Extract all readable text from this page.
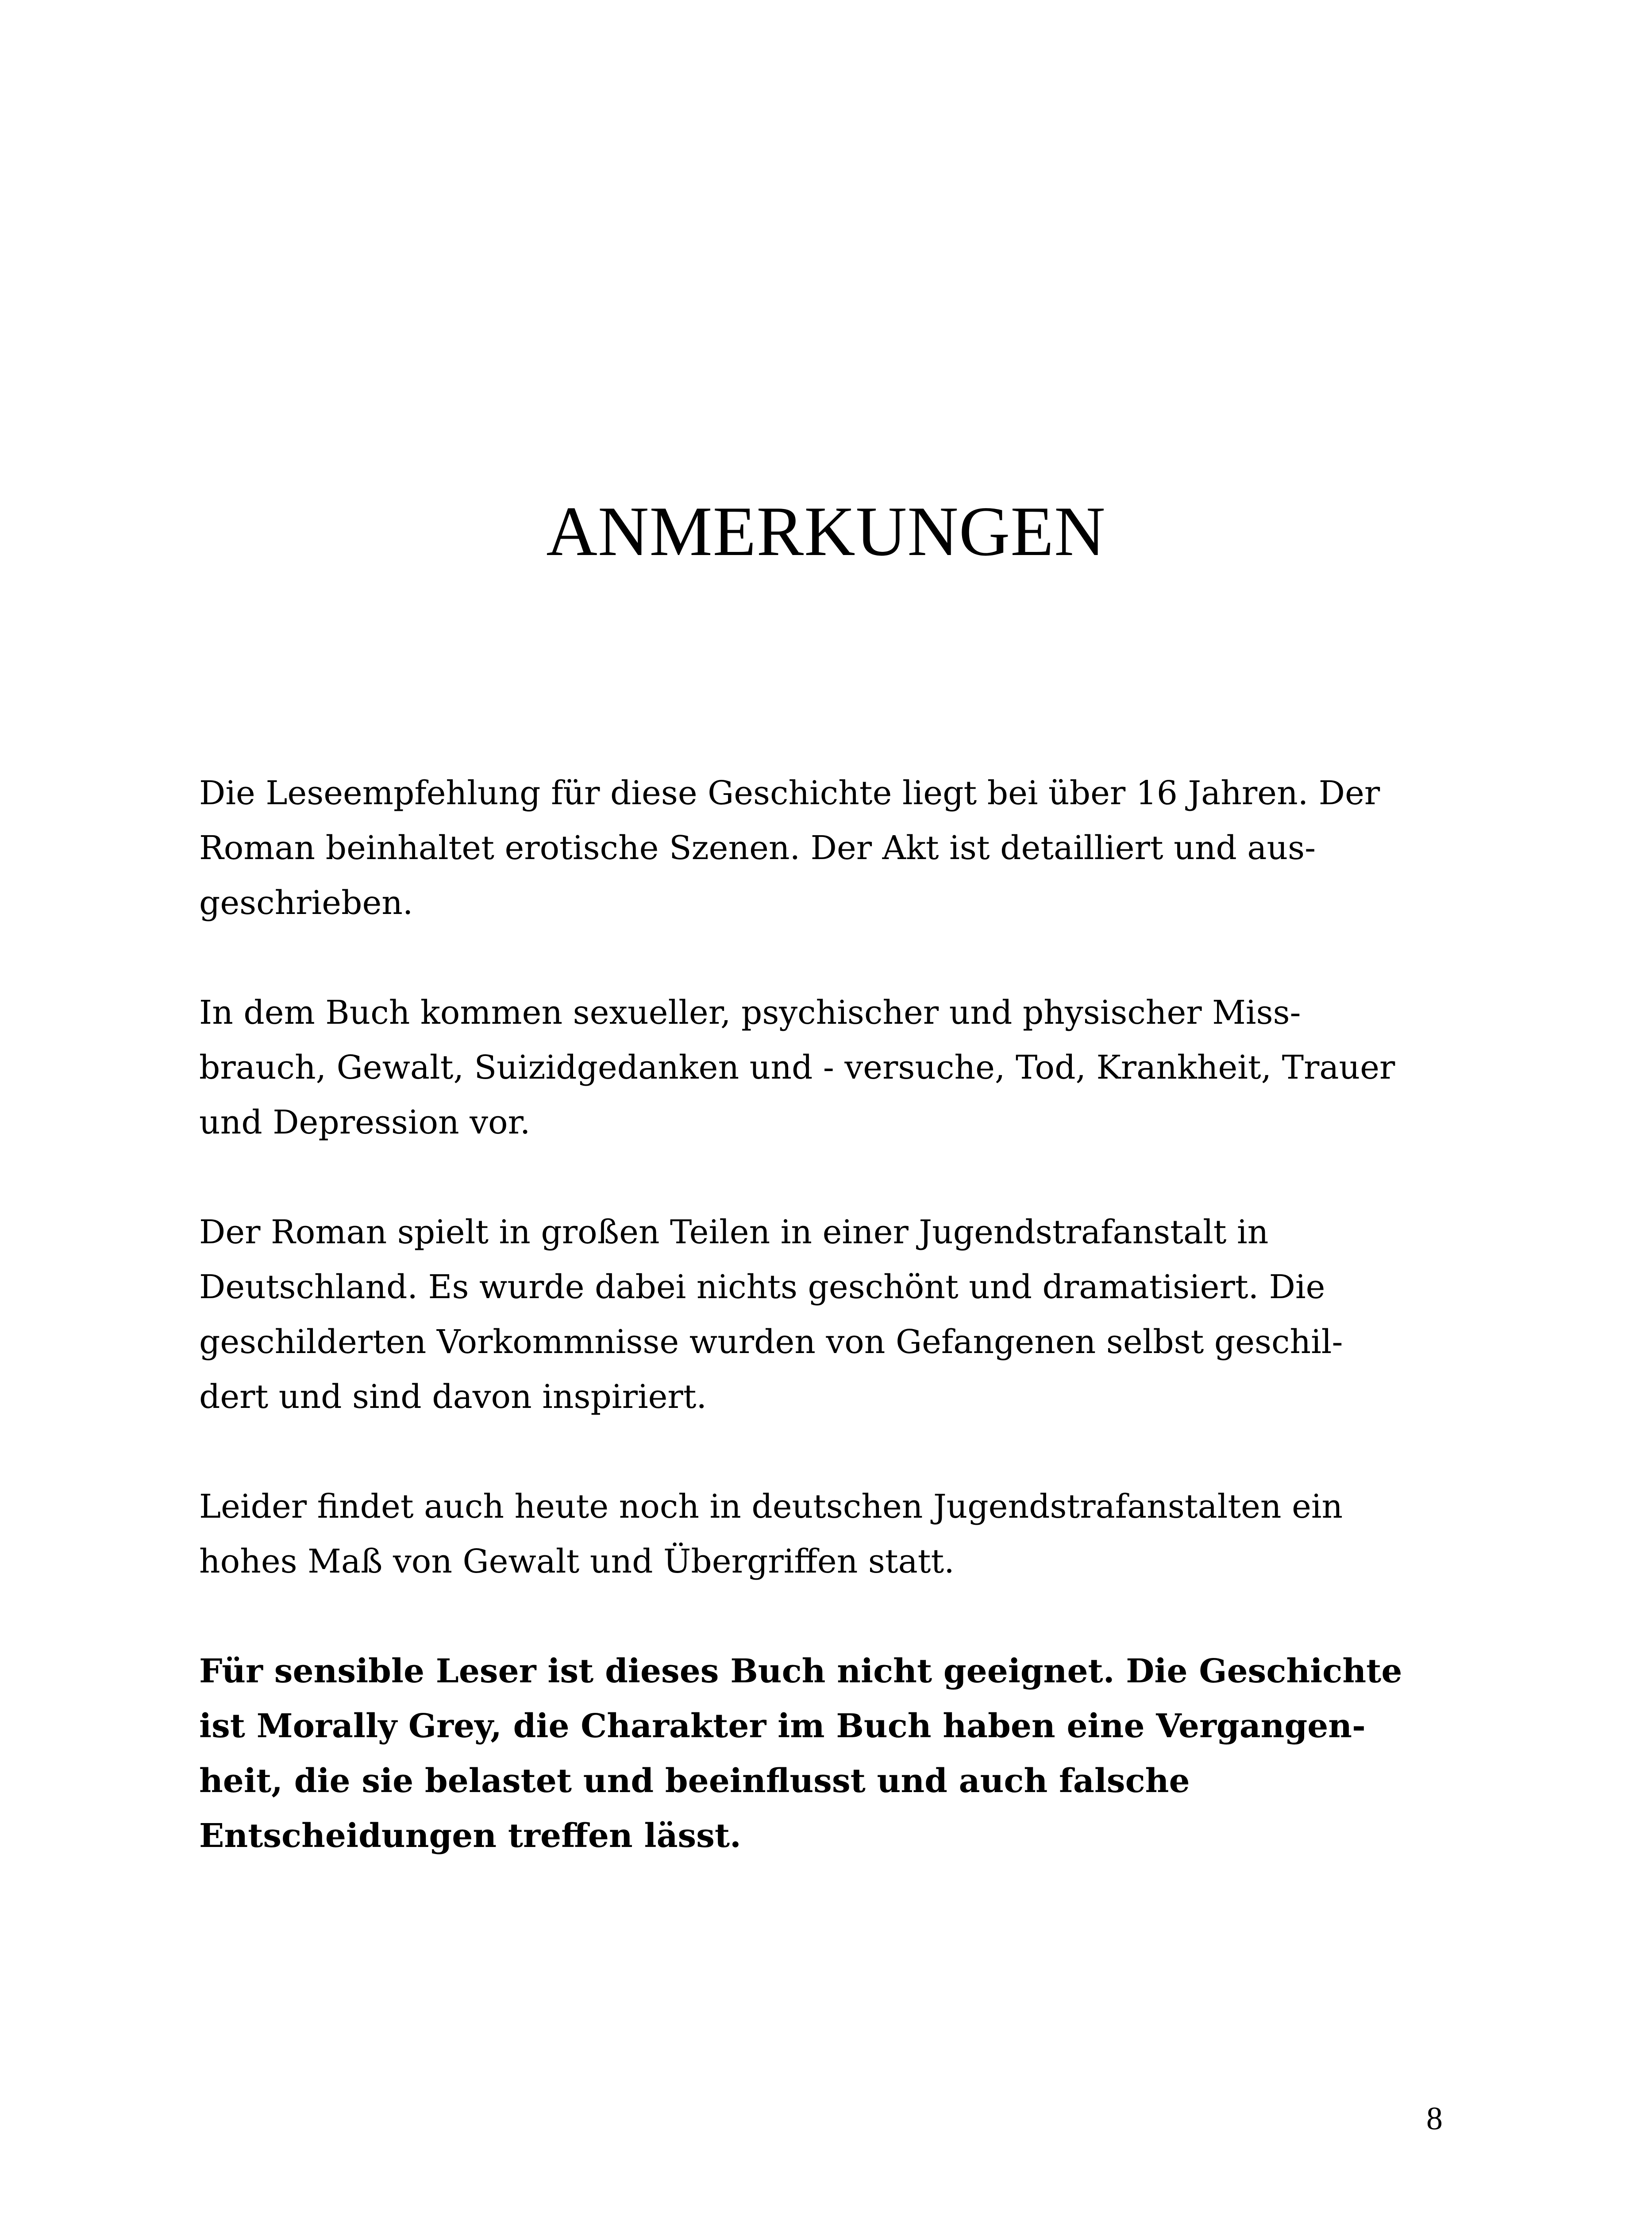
ANMERKUNGEN

Die Leseempfehlung für diese Geschichte liegt bei über 16 Jahren. Der
Roman beinhaltet erotische Szenen. Der Akt ist detailliert und aus-
geschrieben.

In dem Buch kommen sexueller, psychischer und physischer Miss-
brauch, Gewalt, Suizidgedanken und - versuche, Tod, Krankheit, Trauer
und Depression vor.

Der Roman spielt in großen Teilen in einer Jugendstrafanstalt in
Deutschland. Es wurde dabei nichts geschönt und dramatisiert. Die
geschilderten Vorkommnisse wurden von Gefangenen selbst geschil-
dert und sind davon inspiriert.

Leider findet auch heute noch in deutschen Jugendstrafanstalten ein
hohes Maß von Gewalt und Übergriffen statt.

Für sensible Leser ist dieses Buch nicht geeignet. Die Geschichte
ist Morally Grey, die Charakter im Buch haben eine Vergangen-
heit, die sie belastet und beeinflusst und auch falsche
Entscheidungen treffen lässt.

8
